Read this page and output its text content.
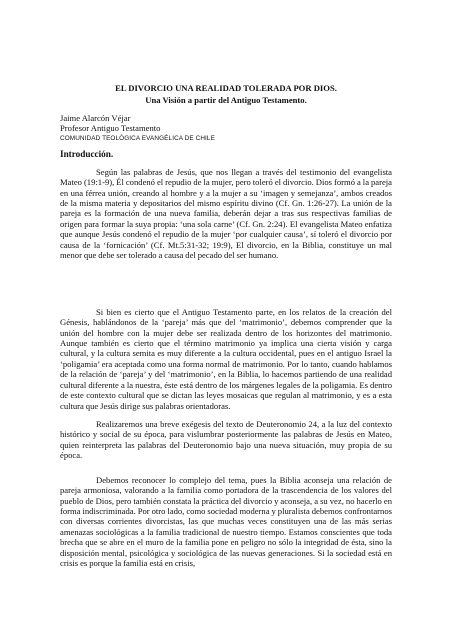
EL DIVORCIO UNA REALIDAD TOLERADA POR DIOS.
Una Visión a partir del Antiguo Testamento.
Jaime Alarcón Véjar
Profesor Antiguo Testamento
COMUNIDAD TEOLÓGICA EVANGÉLICA DE CHILE
Introducción.

Según las palabras de Jesús, que nos llegan a través del testimonio del evangelista Mateo (19:1-9), Él condenó el repudio de la mujer, pero toleró el divorcio. Dios formó a la pareja en una férrea unión, creando al hombre y a la mujer a su ‘imagen y semejanza’, ambos creados de la misma materia y depositarios del mismo espíritu divino (Cf. Gn. 1:26-27). La unión de la pareja es la formación de una nueva familia, deberán dejar a tras sus respectivas familias de origen para formar la suya propia: ‘una sola carne’ (Cf. Gn. 2:24). El evangelista Mateo enfatiza que aunque Jesús condenó el repudio de la mujer ‘por cualquier causa’, sí toleró el divorcio por causa de la ‘fornicación’ (Cf. Mt.5:31-32; 19:9), El divorcio, en la Biblia, constituye un mal menor que debe ser tolerado a causa del pecado del ser humano.

Si bien es cierto que el Antiguo Testamento parte, en los relatos de la creación del Génesis, hablándonos de la ‘pareja’ más que del ‘matrimonio’, debemos comprender que la unión del hombre con la mujer debe ser realizada dentro de los horizontes del matrimonio. Aunque también es cierto que el término matrimonio ya implica una cierta visión y carga cultural, y la cultura semita es muy diferente a la cultura occidental, pues en el antiguo Israel la ‘poligamia’ era aceptada como una forma normal de matrimonio. Por lo tanto, cuando hablamos de la relación de ‘pareja’ y del ‘matrimonio’, en la Biblia, lo hacemos partiendo de una realidad cultural diferente a la nuestra, éste está dentro de los márgenes legales de la poligamia. Es dentro de este contexto cultural que se dictan las leyes mosaicas que regulan al matrimonio, y es a esta cultura que Jesús dirige sus palabras orientadoras.

Realizaremos una breve exégesis del texto de Deuteronomio 24, a la luz del contexto histórico y social de su época, para vislumbrar posteriormente las palabras de Jesús en Mateo, quien reinterpreta las palabras del Deuteronomio bajo una nueva situación, muy propia de su época.

Debemos reconocer lo complejo del tema, pues la Biblia aconseja una relación de pareja armoniosa, valorando a la familia como portadora de la trascendencia de los valores del pueblo de Dios, pero también constata la práctica del divorcio y aconseja, a su vez, no hacerlo en forma indiscriminada. Por otro lado, como sociedad moderna y pluralista debemos confrontarnos con diversas corrientes divorcistas, las que muchas veces constituyen una de las más serias amenazas sociológicas a la familia tradicional de nuestro tiempo. Estamos conscientes que toda brecha que se abre en el muro de la familia pone en peligro no sólo la integridad de ésta, sino la disposición mental, psicológica y sociológica de las nuevas generaciones. Si la sociedad está en crisis es porque la familia está en crisis,
